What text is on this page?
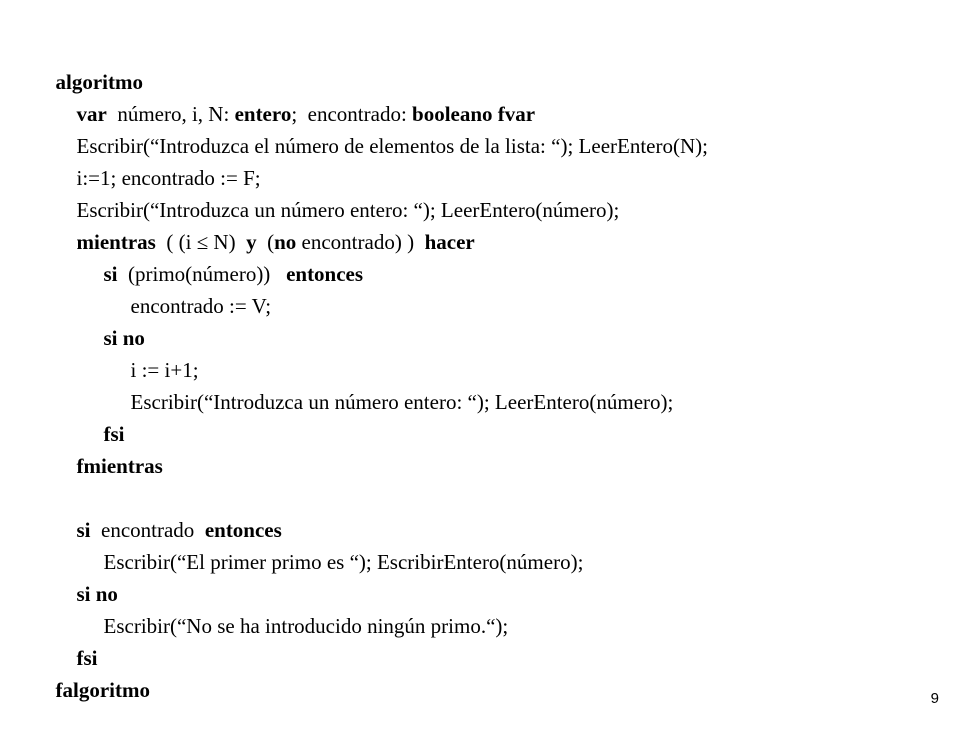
algoritmo

var  número, i, N: entero;  encontrado: booleano fvar

Escribir(“Introduzca el número de elementos de la lista: “); LeerEntero(N);

i:=1; encontrado := F;

Escribir(“Introduzca un número entero: “); LeerEntero(número);

mientras  ( (i ≤ N)  y  (no encontrado) )  hacer

si  (primo(número))   entonces

encontrado := V;

si no

i := i+1;

Escribir(“Introduzca un número entero: “); LeerEntero(número);

fsi

fmientras

si  encontrado  entonces

Escribir(“El primer primo es “); EscribirEntero(número);

si no

Escribir(“No se ha introducido ningún primo.“);

fsi

falgoritmo
	9
